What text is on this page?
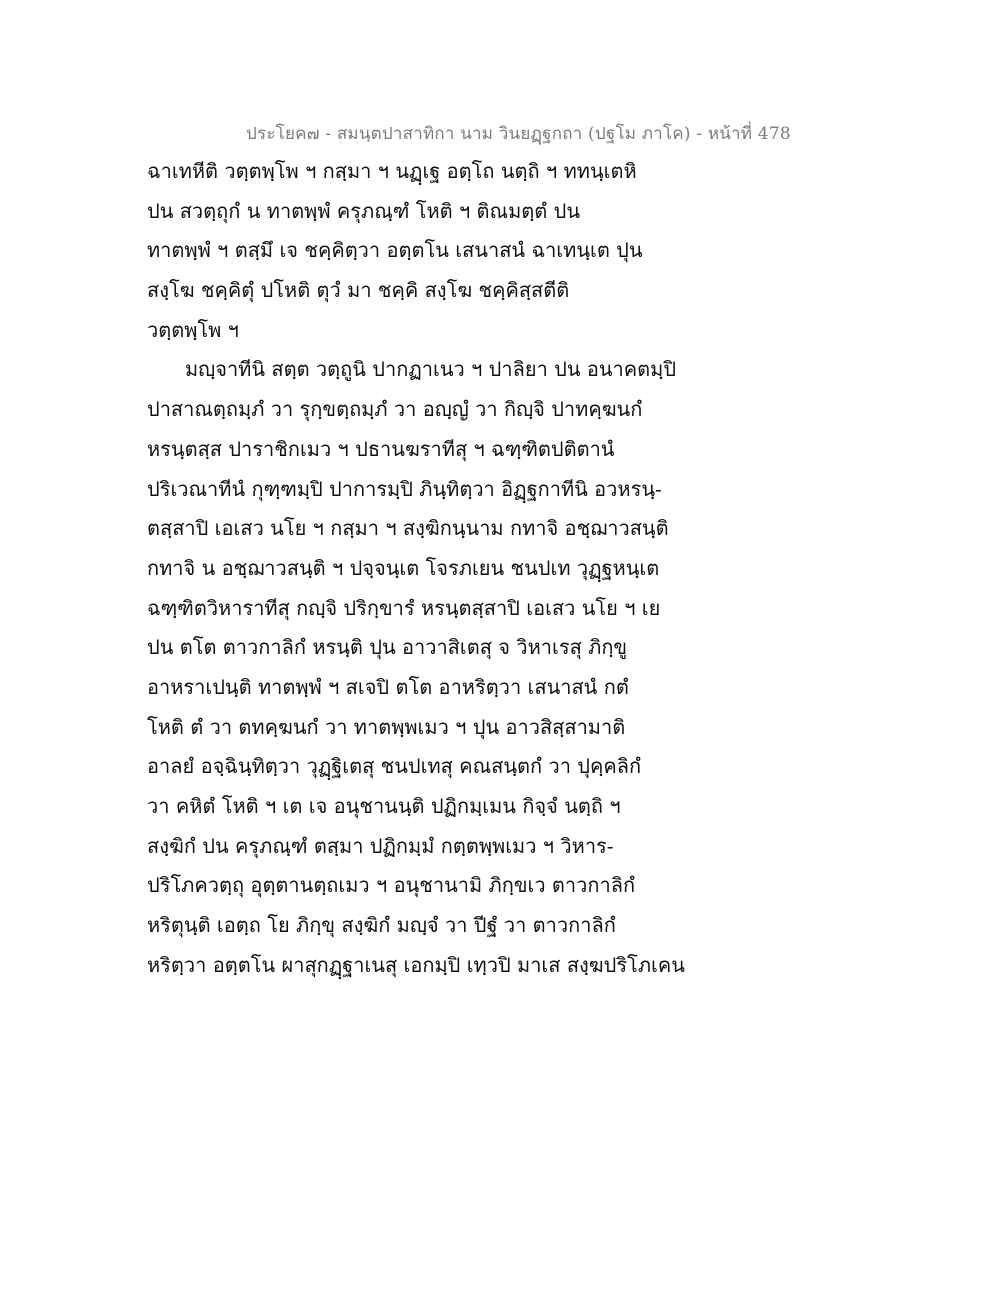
ประโยค๗ - สมนฺตปาสาทิกา นาม วินยฏฺฐกถา (ปฐโม ภาโค) - หน้าที่ 478
ฉาเทหีติ วตฺตพฺโพ ฯ กสฺมา ฯ นฏฺเฐ อตฺโถ นตฺถิ ฯ ททนฺเตหิ
ปน สวตฺถุกํ น ทาตพฺพํ ครุภณฺฑํ โหติ ฯ ติณมตฺตํ ปน
ทาตพฺพํ ฯ ตสฺมึ เจ ชคฺคิตฺวา อตฺตโน เสนาสนํ ฉาเทนฺเต ปุน
สงฺโฆ ชคฺคิตุํ ปโหติ ตุวํ มา ชคฺคิ สงฺโฆ ชคฺคิสฺสตีติ
วตฺตพฺโพ ฯ
มญฺจาทีนิ สตฺต วตฺถูนิ ปากฏาเนว ฯ ปาลิยา ปน อนาคตมฺปิ
ปาสาณตฺถมฺภํ วา รุกฺขตฺถมฺภํ วา อญฺญํ วา กิญฺจิ ปาทคฺฆนกํ
หรนฺตสฺส ปาราชิกเมว ฯ ปธานฆราทีสุ ฯ ฉฑฺฑิตปติตานํ
ปริเวณาทีนํ กุฑฺฑมฺปิ ปาการมฺปิ ภินฺทิตฺวา อิฏฺฐกาทีนิ อวหรนฺ-
ตสฺสาปิ เอเสว นโย ฯ กสฺมา ฯ สงฺฆิกนฺนาม กทาจิ อชฺฌาวสนฺติ
กทาจิ น อชฺฌาวสนฺติ ฯ ปจฺจนฺเต โจรภเยน ชนปเท วุฏฺฐหนฺเต
ฉฑฺฑิตวิหาราทีสุ กญฺจิ ปริกฺขารํ หรนฺตสฺสาปิ เอเสว นโย ฯ เย
ปน ตโต ตาวกาลิกํ หรนฺติ ปุน อาวาสิเตสุ จ วิหาเรสุ ภิกฺขู
อาหราเปนฺติ ทาตพฺพํ ฯ สเจปิ ตโต อาหริตฺวา เสนาสนํ กตํ
โหติ ตํ วา ตทคฺฆนกํ วา ทาตพฺพเมว ฯ ปุน อาวสิสฺสามาติ
อาลยํ อจฺฉินฺทิตฺวา วุฏฺฐิเตสุ ชนปเทสุ คณสนฺตกํ วา ปุคฺคลิกํ
วา คหิตํ โหติ ฯ เต เจ อนุชานนฺติ ปฏิกมฺเมน กิจฺจํ นตฺถิ ฯ
สงฺฆิกํ ปน ครุภณฺฑํ ตสฺมา ปฏิกมฺมํ กตฺตพฺพเมว ฯ วิหาร-
ปริโภควตฺถุ อุตฺตานตฺถเมว ฯ อนุชานามิ ภิกฺขเว ตาวกาลิกํ
หริตุนฺติ เอตฺถ โย ภิกฺขุ สงฺฆิกํ มญฺจํ วา ปีฐํ วา ตาวกาลิกํ
หริตฺวา อตฺตโน ผาสุกฏฺฐาเนสุ เอกมฺปิ เทฺวปิ มาเส สงฺฆปริโภเคน
